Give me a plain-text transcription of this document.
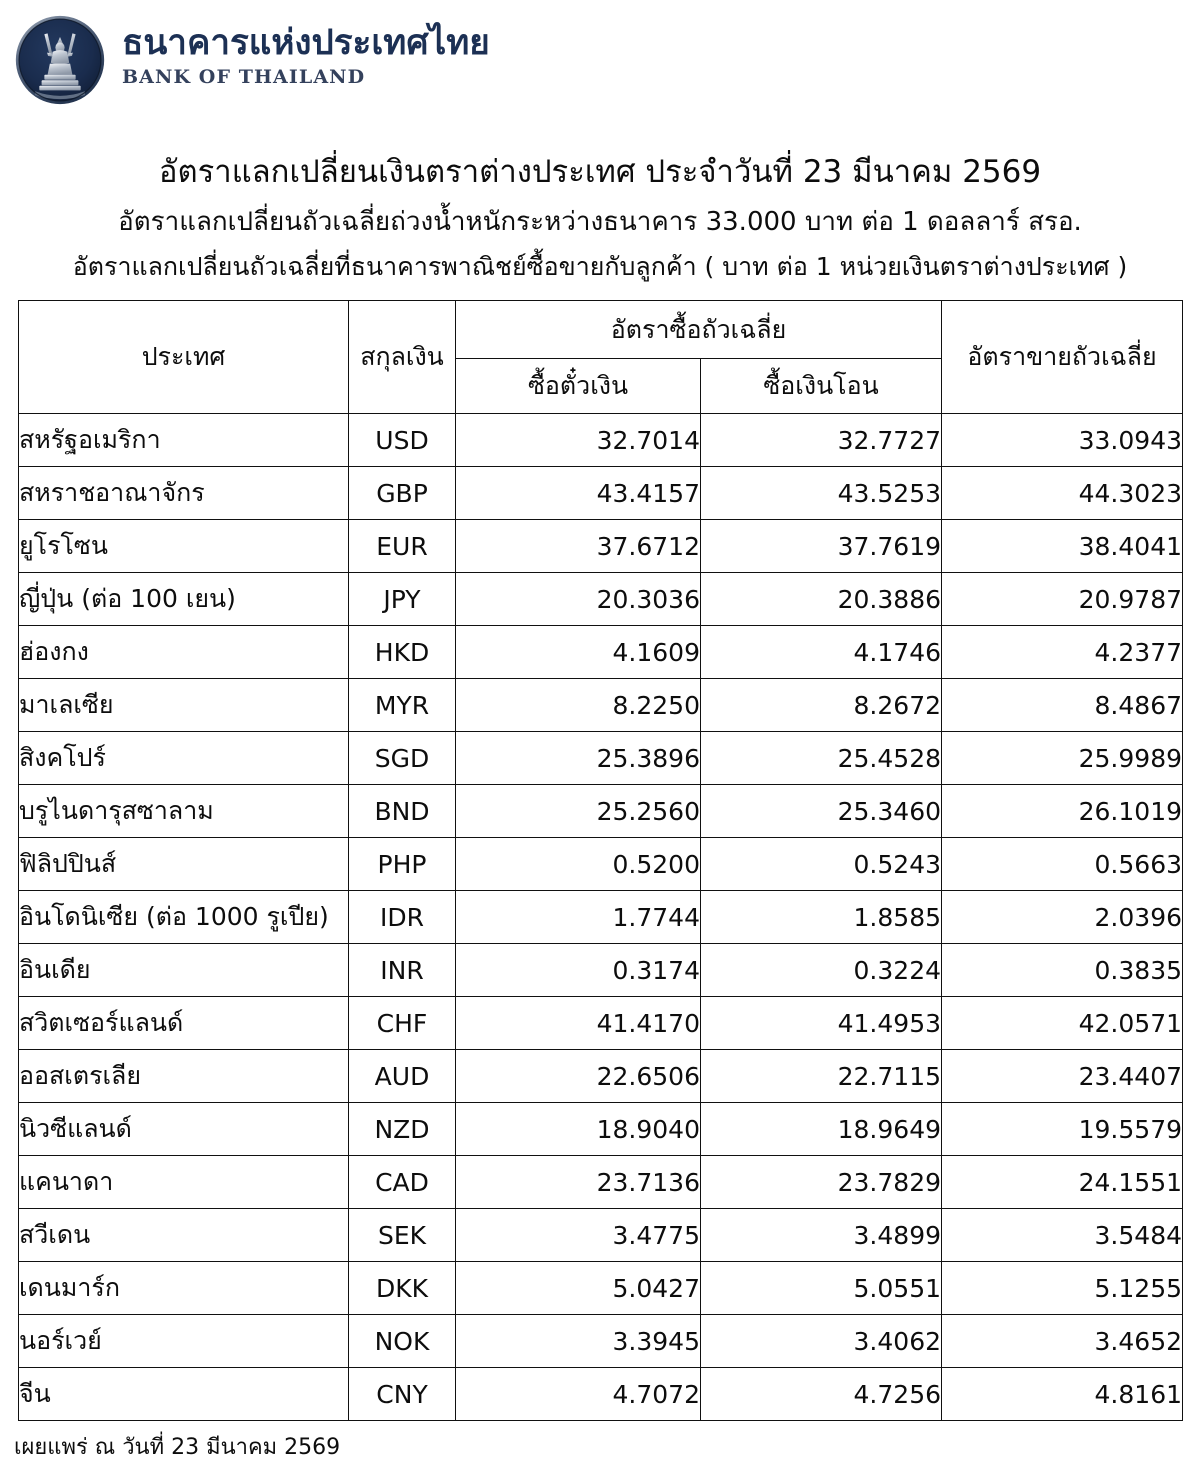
ธนาคารแห่งประเทศไทย
BANK OF THAILAND
อัตราแลกเปลี่ยนเงินตราต่างประเทศ ประจำวันที่ 23 มีนาคม 2569
อัตราแลกเปลี่ยนถัวเฉลี่ยถ่วงน้ำหนักระหว่างธนาคาร 33.000 บาท ต่อ 1 ดอลลาร์ สรอ.
อัตราแลกเปลี่ยนถัวเฉลี่ยที่ธนาคารพาณิชย์ซื้อขายกับลูกค้า ( บาท ต่อ 1 หน่วยเงินตราต่างประเทศ )
ประเทศ	สกุลเงิน	อัตราซื้อถัวเฉลี่ย		อัตราขายถัวเฉลี่ย
		ซื้อตั๋วเงิน	ซื้อเงินโอน	
สหรัฐอเมริกา	USD	32.7014	32.7727	33.0943
สหราชอาณาจักร	GBP	43.4157	43.5253	44.3023
ยูโรโซน	EUR	37.6712	37.7619	38.4041
ญี่ปุ่น (ต่อ 100 เยน)	JPY	20.3036	20.3886	20.9787
ฮ่องกง	HKD	4.1609	4.1746	4.2377
มาเลเซีย	MYR	8.2250	8.2672	8.4867
สิงคโปร์	SGD	25.3896	25.4528	25.9989
บรูไนดารุสซาลาม	BND	25.2560	25.3460	26.1019
ฟิลิปปินส์	PHP	0.5200	0.5243	0.5663
อินโดนิเซีย (ต่อ 1000 รูเปีย)	IDR	1.7744	1.8585	2.0396
อินเดีย	INR	0.3174	0.3224	0.3835
สวิตเซอร์แลนด์	CHF	41.4170	41.4953	42.0571
ออสเตรเลีย	AUD	22.6506	22.7115	23.4407
นิวซีแลนด์	NZD	18.9040	18.9649	19.5579
แคนาดา	CAD	23.7136	23.7829	24.1551
สวีเดน	SEK	3.4775	3.4899	3.5484
เดนมาร์ก	DKK	5.0427	5.0551	5.1255
นอร์เวย์	NOK	3.3945	3.4062	3.4652
จีน	CNY	4.7072	4.7256	4.8161
เผยแพร่ ณ วันที่ 23 มีนาคม 2569
